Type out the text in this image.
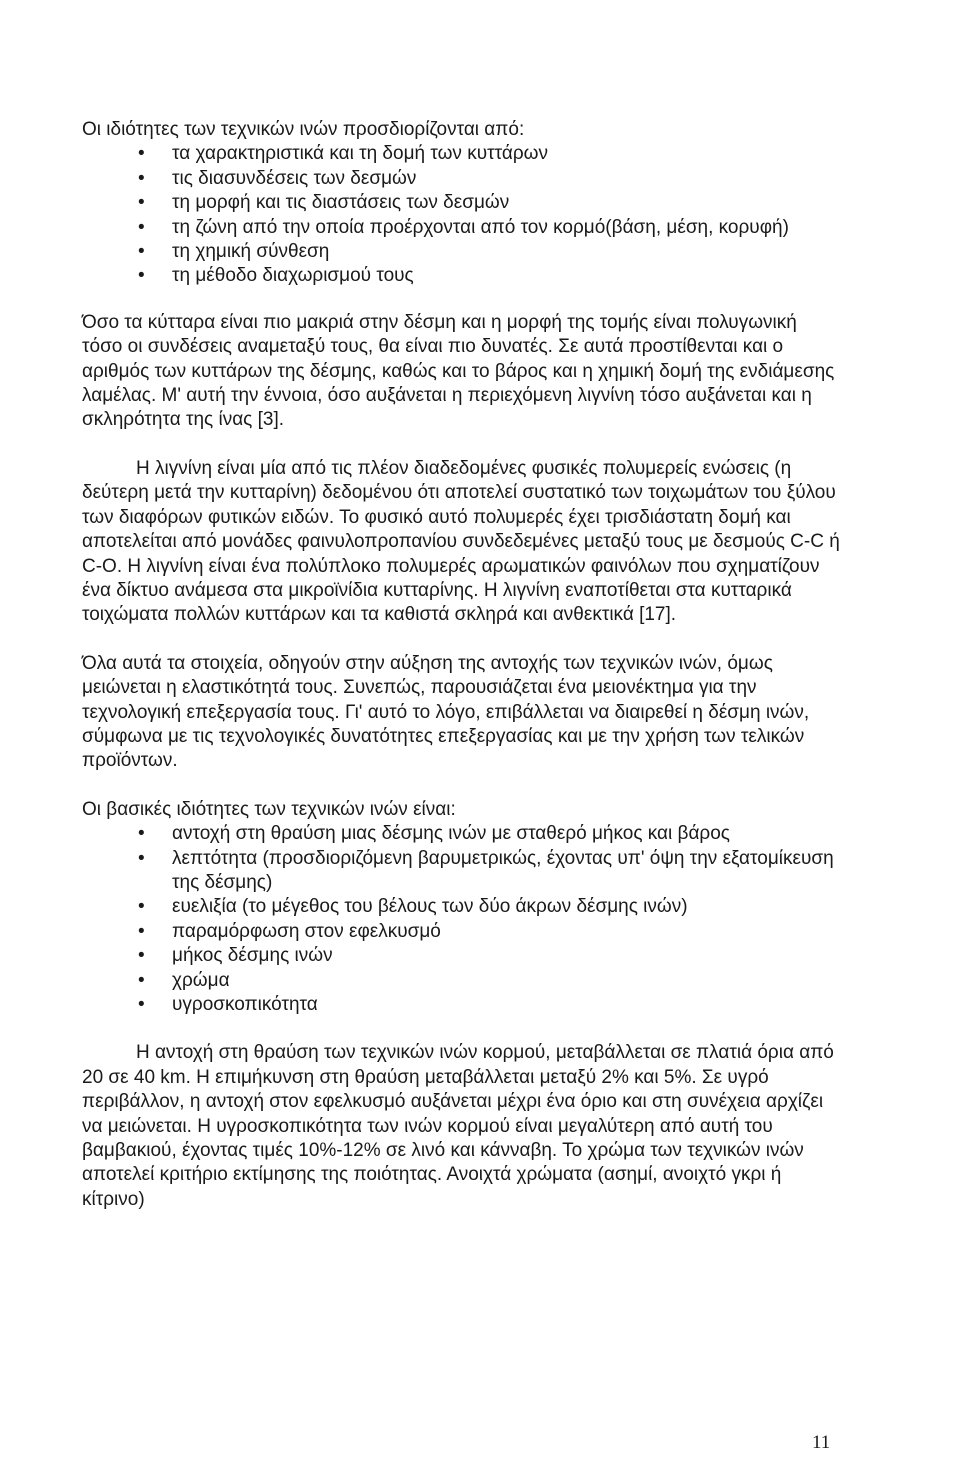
Οι ιδιότητες των τεχνικών ινών προσδιορίζονται από:

• τα χαρακτηριστικά και τη δομή των κυττάρων
• τις διασυνδέσεις των δεσμών
• τη μορφή και τις διαστάσεις των δεσμών
• τη ζώνη από την οποία προέρχονται από τον κορμό(βάση, μέση, κορυφή)
• τη χημική σύνθεση
• τη μέθοδο διαχωρισμού τους

Όσο τα κύτταρα είναι πιο μακριά στην δέσμη και η μορφή της τομής είναι πολυγωνική τόσο οι συνδέσεις αναμεταξύ τους, θα είναι πιο δυνατές. Σε αυτά προστίθενται και ο αριθμός των κυττάρων της δέσμης, καθώς και το βάρος και η χημική δομή της ενδιάμεσης λαμέλας. Μ' αυτή την έννοια, όσο αυξάνεται η περιεχόμενη λιγνίνη τόσο αυξάνεται και η σκληρότητα της ίνας [3].

Η λιγνίνη είναι μία από τις πλέον διαδεδομένες φυσικές πολυμερείς ενώσεις (η δεύτερη μετά την κυτταρίνη) δεδομένου ότι αποτελεί συστατικό των τοιχωμάτων του ξύλου των διαφόρων φυτικών ειδών. Το φυσικό αυτό πολυμερές έχει τρισδιάστατη δομή και αποτελείται από μονάδες φαινυλοπροπανίου συνδεδεμένες μεταξύ τους με δεσμούς C-C ή C-O. Η λιγνίνη είναι ένα πολύπλοκο πολυμερές αρωματικών φαινόλων που σχηματίζουν ένα δίκτυο ανάμεσα στα μικροϊνίδια κυτταρίνης. Η λιγνίνη εναποτίθεται στα κυτταρικά τοιχώματα πολλών κυττάρων και τα καθιστά σκληρά και ανθεκτικά [17].

Όλα αυτά τα στοιχεία, οδηγούν στην αύξηση της αντοχής των τεχνικών ινών, όμως μειώνεται η ελαστικότητά τους. Συνεπώς, παρουσιάζεται ένα μειονέκτημα για την τεχνολογική επεξεργασία τους. Γι' αυτό το λόγο, επιβάλλεται να διαιρεθεί η δέσμη ινών, σύμφωνα με τις τεχνολογικές δυνατότητες επεξεργασίας και με την χρήση των τελικών προϊόντων.

Οι βασικές ιδιότητες των τεχνικών ινών είναι:

• αντοχή στη θραύση μιας δέσμης ινών με σταθερό μήκος και βάρος
• λεπτότητα (προσδιοριζόμενη βαρυμετρικώς, έχοντας υπ' όψη την εξατομίκευση της δέσμης)
• ευελιξία (το μέγεθος του βέλους των δύο άκρων δέσμης ινών)
• παραμόρφωση στον εφελκυσμό
• μήκος δέσμης ινών
• χρώμα
• υγροσκοπικότητα

Η αντοχή στη θραύση των τεχνικών ινών κορμού, μεταβάλλεται σε πλατιά όρια από 20 σε 40 km. Η επιμήκυνση στη θραύση μεταβάλλεται μεταξύ 2% και 5%. Σε υγρό περιβάλλον, η αντοχή στον εφελκυσμό αυξάνεται μέχρι ένα όριο και στη συνέχεια αρχίζει να μειώνεται. Η υγροσκοπικότητα των ινών κορμού είναι μεγαλύτερη από αυτή του βαμβακιού, έχοντας τιμές 10%-12% σε λινό και κάνναβη. Το χρώμα των τεχνικών ινών αποτελεί κριτήριο εκτίμησης της ποιότητας. Ανοιχτά χρώματα (ασημί, ανοιχτό γκρι ή κίτρινο)

11
